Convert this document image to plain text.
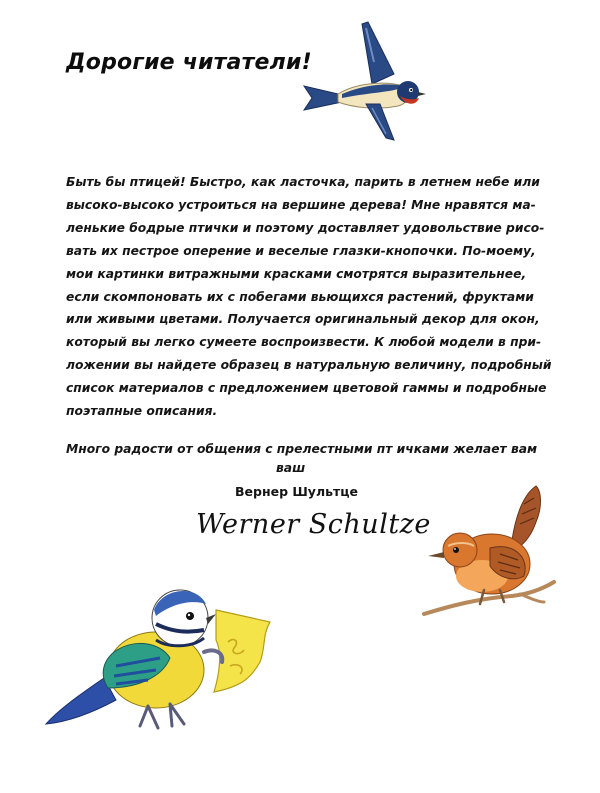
Дорогие читатели!
Быть бы птицей! Быстро, как ласточка, парить в летнем небе или
высоко-высоко устроиться на вершине дерева! Мне нравятся ма-
ленькие бодрые птички и поэтому доставляет удовольствие рисо-
вать их пестрое оперение и веселые глазки-кнопочки. По-моему,
мои картинки витражными красками смотрятся выразительнее,
если скомпоновать их с побегами вьющихся растений, фруктами
или живыми цветами. Получается оригинальный декор для окон,
который вы легко сумеете воспроизвести. К любой модели в при-
ложении вы найдете образец в натуральную величину, подробный
список материалов с предложением цветовой гаммы и подробные
поэтапные описания.
Много радости от общения с прелестными пт ичками желает вам
ваш
Вернер Шультце
Werner Schultze
